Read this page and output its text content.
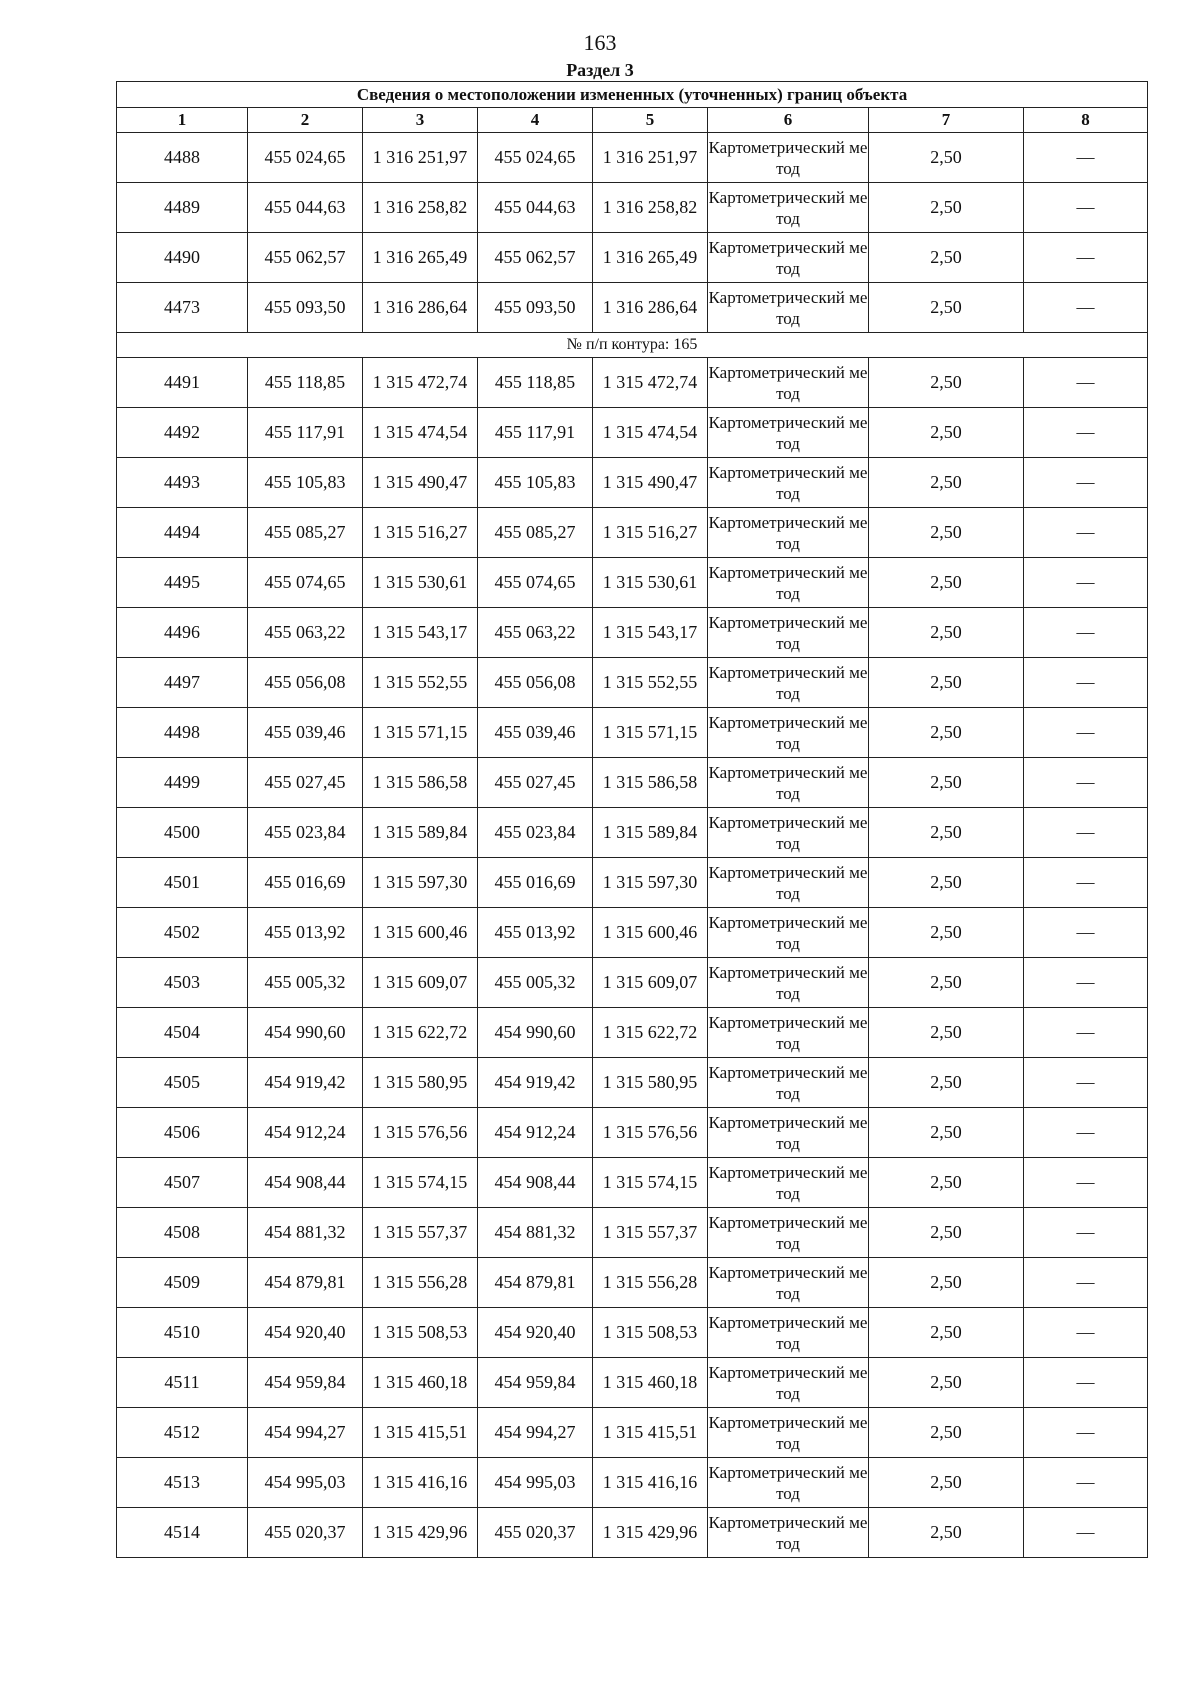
163
Раздел 3
Сведения о местоположении измененных (уточненных) границ объекта							
1	2	3	4	5	6	7	8
4488	455 024,65	1 316 251,97	455 024,65	1 316 251,97	Картометрический метод	2,50	—
4489	455 044,63	1 316 258,82	455 044,63	1 316 258,82	Картометрический метод	2,50	—
4490	455 062,57	1 316 265,49	455 062,57	1 316 265,49	Картометрический метод	2,50	—
4473	455 093,50	1 316 286,64	455 093,50	1 316 286,64	Картометрический метод	2,50	—
№ п/п контура: 165							
4491	455 118,85	1 315 472,74	455 118,85	1 315 472,74	Картометрический метод	2,50	—
4492	455 117,91	1 315 474,54	455 117,91	1 315 474,54	Картометрический метод	2,50	—
4493	455 105,83	1 315 490,47	455 105,83	1 315 490,47	Картометрический метод	2,50	—
4494	455 085,27	1 315 516,27	455 085,27	1 315 516,27	Картометрический метод	2,50	—
4495	455 074,65	1 315 530,61	455 074,65	1 315 530,61	Картометрический метод	2,50	—
4496	455 063,22	1 315 543,17	455 063,22	1 315 543,17	Картометрический метод	2,50	—
4497	455 056,08	1 315 552,55	455 056,08	1 315 552,55	Картометрический метод	2,50	—
4498	455 039,46	1 315 571,15	455 039,46	1 315 571,15	Картометрический метод	2,50	—
4499	455 027,45	1 315 586,58	455 027,45	1 315 586,58	Картометрический метод	2,50	—
4500	455 023,84	1 315 589,84	455 023,84	1 315 589,84	Картометрический метод	2,50	—
4501	455 016,69	1 315 597,30	455 016,69	1 315 597,30	Картометрический метод	2,50	—
4502	455 013,92	1 315 600,46	455 013,92	1 315 600,46	Картометрический метод	2,50	—
4503	455 005,32	1 315 609,07	455 005,32	1 315 609,07	Картометрический метод	2,50	—
4504	454 990,60	1 315 622,72	454 990,60	1 315 622,72	Картометрический метод	2,50	—
4505	454 919,42	1 315 580,95	454 919,42	1 315 580,95	Картометрический метод	2,50	—
4506	454 912,24	1 315 576,56	454 912,24	1 315 576,56	Картометрический метод	2,50	—
4507	454 908,44	1 315 574,15	454 908,44	1 315 574,15	Картометрический метод	2,50	—
4508	454 881,32	1 315 557,37	454 881,32	1 315 557,37	Картометрический метод	2,50	—
4509	454 879,81	1 315 556,28	454 879,81	1 315 556,28	Картометрический метод	2,50	—
4510	454 920,40	1 315 508,53	454 920,40	1 315 508,53	Картометрический метод	2,50	—
4511	454 959,84	1 315 460,18	454 959,84	1 315 460,18	Картометрический метод	2,50	—
4512	454 994,27	1 315 415,51	454 994,27	1 315 415,51	Картометрический метод	2,50	—
4513	454 995,03	1 315 416,16	454 995,03	1 315 416,16	Картометрический метод	2,50	—
4514	455 020,37	1 315 429,96	455 020,37	1 315 429,96	Картометрический метод	2,50	—
